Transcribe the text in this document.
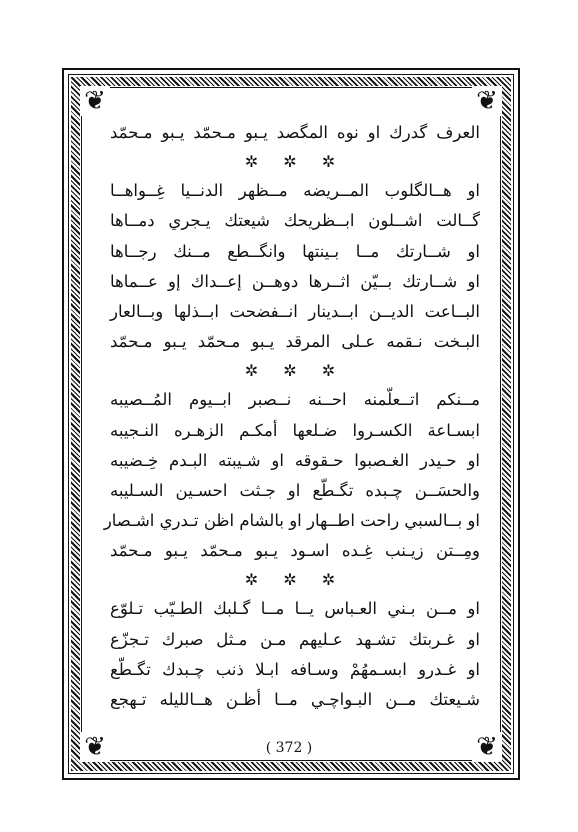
❦	❦
❦	❦
العرف گدرك او نوه المگصد يـبو مـحمّد يـبو مـحمّد
✲ ✲ ✲
او هــالگلوب المــريضه مــظهر الدنــيا غِــواهــا
گــالت اشــلون ابــظريحك شيعتك يـجري دمــاها
او شــارتك مــا بـينتها وانگــطع مــنك رجــاها
او شــارتك بــيّن اثــرها دوهــن إعــداك إو عــماها
البــاعت الديــن ابــدينار انــفضحت ابــذلها وبــالعار
البـخت نـقمه عـلى المرقد يـبو مـحمّد يـبو مـحمّد
✲ ✲ ✲
مــنكم اتــعلّمنه احــنه نــصبر ابــيوم المُــصيبه
ابسـاعة الكسـروا ضـلعها أمكـم الزهـره النـجيبه
او حـيدر الغـصبوا حـقوقه او شـيبته البـدم خِـضيبه
والحسَــن چـبده تگـطّع او جـثت احسـين السـليبه
او بــالسبي راحت اطــهار او بالشام اظن تـدري اشـصار
ومِــتن زيـنب غِـده اسـود يـبو مـحمّد يـبو مـحمّد
✲ ✲ ✲
او مــن بـني العـباس يــا مــا گـلبك الطـيّب تـلوّع
او غـربتك تشـهد عـليهم مـن مـثل صبرك تـجزّع
او غـدرو ابسـمهُمْ وسـافه ابـلا ذنب چـبدك تگـطّع
شـيعتك مــن البـواچـي مــا أظـن هــالليله تـهجع
( 372 )
